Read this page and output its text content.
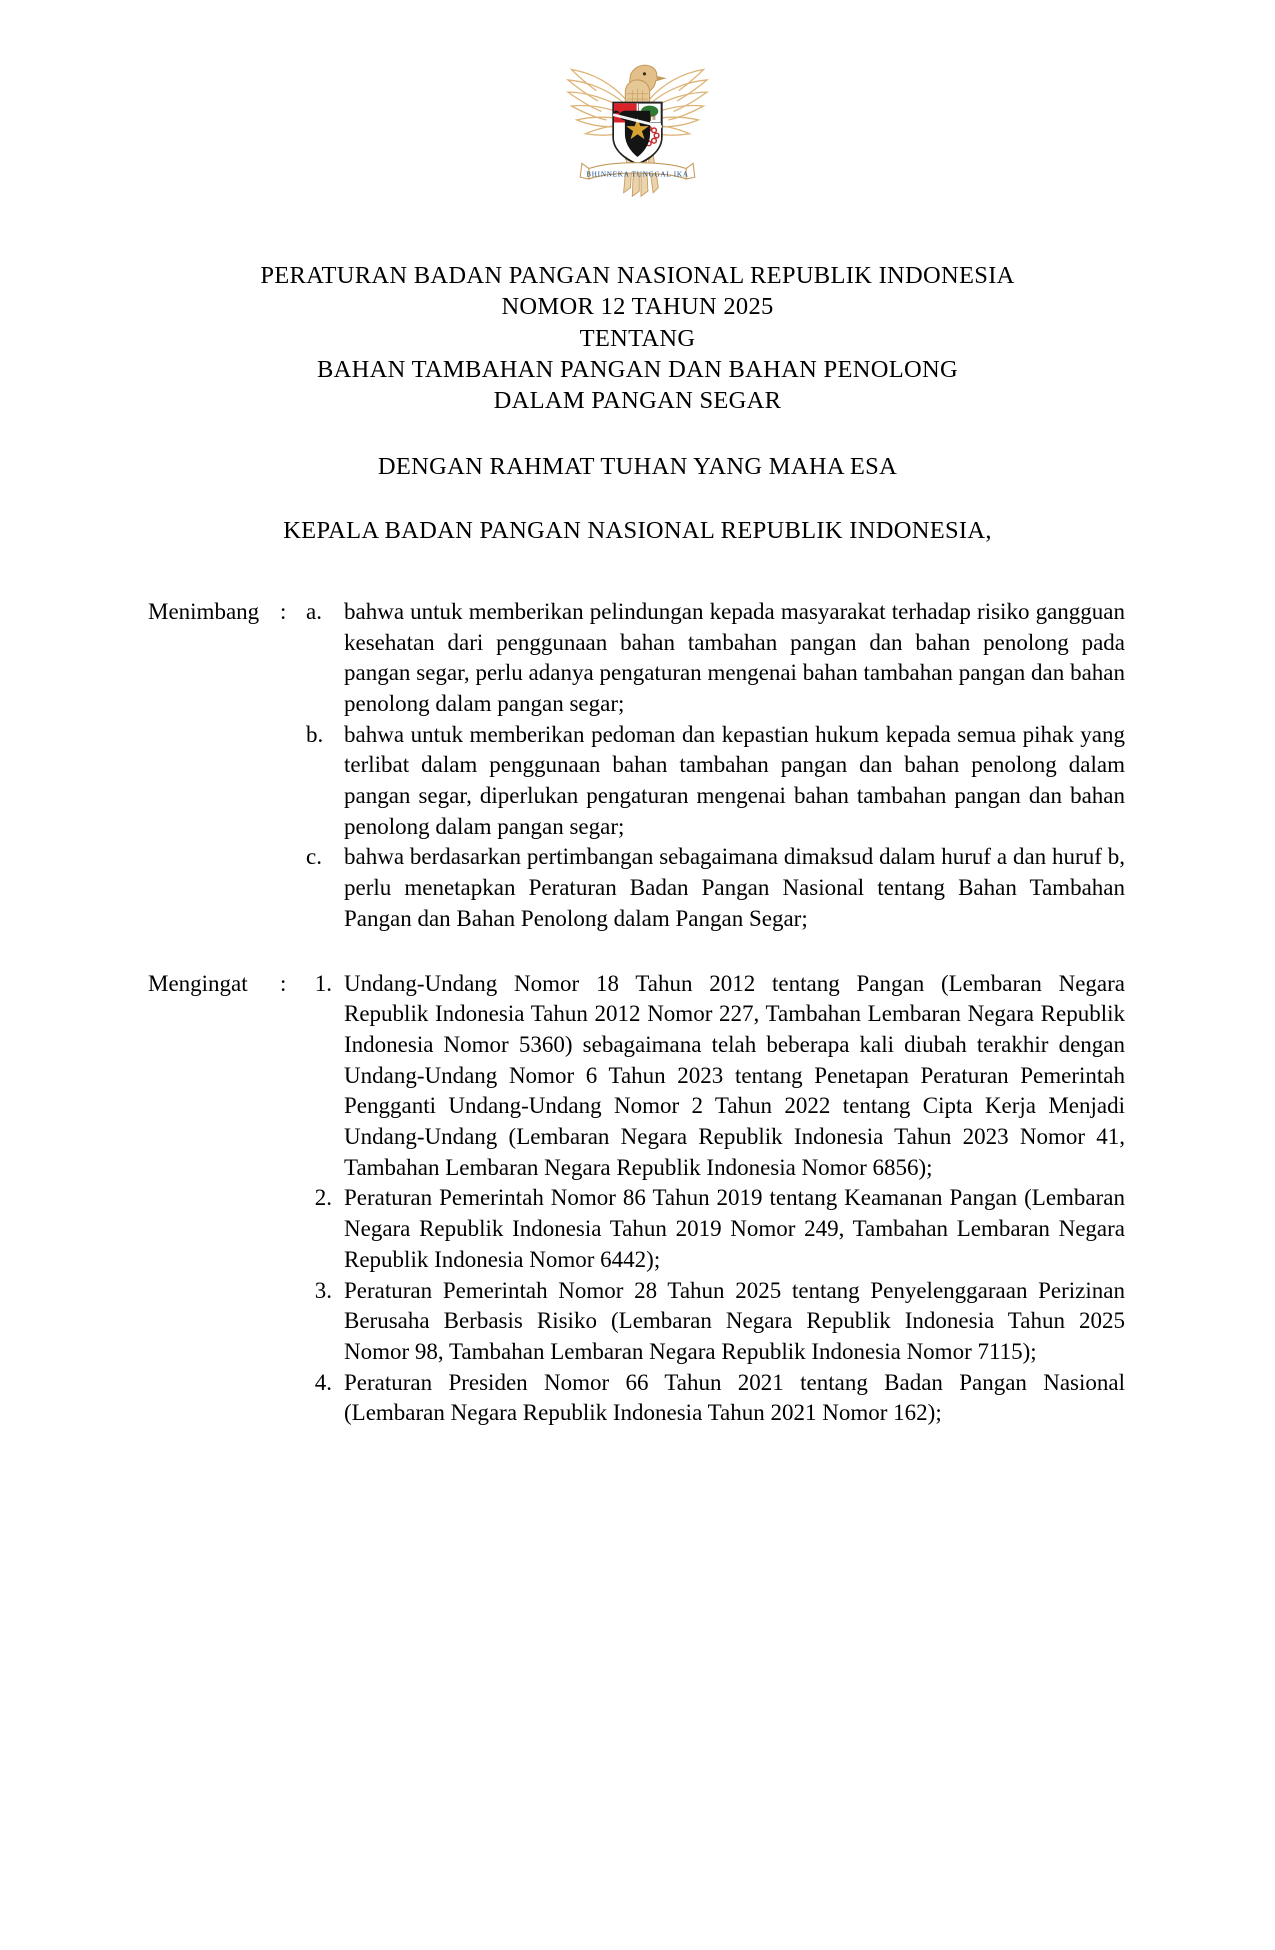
BHINNEKA TUNGGAL IKA
PERATURAN BADAN PANGAN NASIONAL REPUBLIK INDONESIA
NOMOR 12 TAHUN 2025
TENTANG
BAHAN TAMBAHAN PANGAN DAN BAHAN PENOLONG
DALAM PANGAN SEGAR
DENGAN RAHMAT TUHAN YANG MAHA ESA
KEPALA BADAN PANGAN NASIONAL REPUBLIK INDONESIA,
Menimbang : a. bahwa untuk memberikan pelindungan kepada masyarakat terhadap risiko gangguan kesehatan dari penggunaan bahan tambahan pangan dan bahan penolong pada pangan segar, perlu adanya pengaturan mengenai bahan tambahan pangan dan bahan penolong dalam pangan segar;
b. bahwa untuk memberikan pedoman dan kepastian hukum kepada semua pihak yang terlibat dalam penggunaan bahan tambahan pangan dan bahan penolong dalam pangan segar, diperlukan pengaturan mengenai bahan tambahan pangan dan bahan penolong dalam pangan segar;
c. bahwa berdasarkan pertimbangan sebagaimana dimaksud dalam huruf a dan huruf b, perlu menetapkan Peraturan Badan Pangan Nasional tentang Bahan Tambahan Pangan dan Bahan Penolong dalam Pangan Segar;
Mengingat	:	1. Undang-Undang Nomor 18 Tahun 2012 tentang Pangan (Lembaran Negara Republik Indonesia Tahun 2012 Nomor 227, Tambahan Lembaran Negara Republik Indonesia Nomor 5360) sebagaimana telah beberapa kali diubah terakhir dengan Undang-Undang Nomor 6 Tahun 2023 tentang Penetapan Peraturan Pemerintah Pengganti Undang-Undang Nomor 2 Tahun 2022 tentang Cipta Kerja Menjadi Undang-Undang (Lembaran Negara Republik Indonesia Tahun 2023 Nomor 41, Tambahan Lembaran Negara Republik Indonesia Nomor 6856);
2. Peraturan Pemerintah Nomor 86 Tahun 2019 tentang Keamanan Pangan (Lembaran Negara Republik Indonesia Tahun 2019 Nomor 249, Tambahan Lembaran Negara Republik Indonesia Nomor 6442);
3. Peraturan Pemerintah Nomor 28 Tahun 2025 tentang Penyelenggaraan Perizinan Berusaha Berbasis Risiko (Lembaran Negara Republik Indonesia Tahun 2025 Nomor 98, Tambahan Lembaran Negara Republik Indonesia Nomor 7115);
4. Peraturan Presiden Nomor 66 Tahun 2021 tentang Badan Pangan Nasional (Lembaran Negara Republik Indonesia Tahun 2021 Nomor 162);
